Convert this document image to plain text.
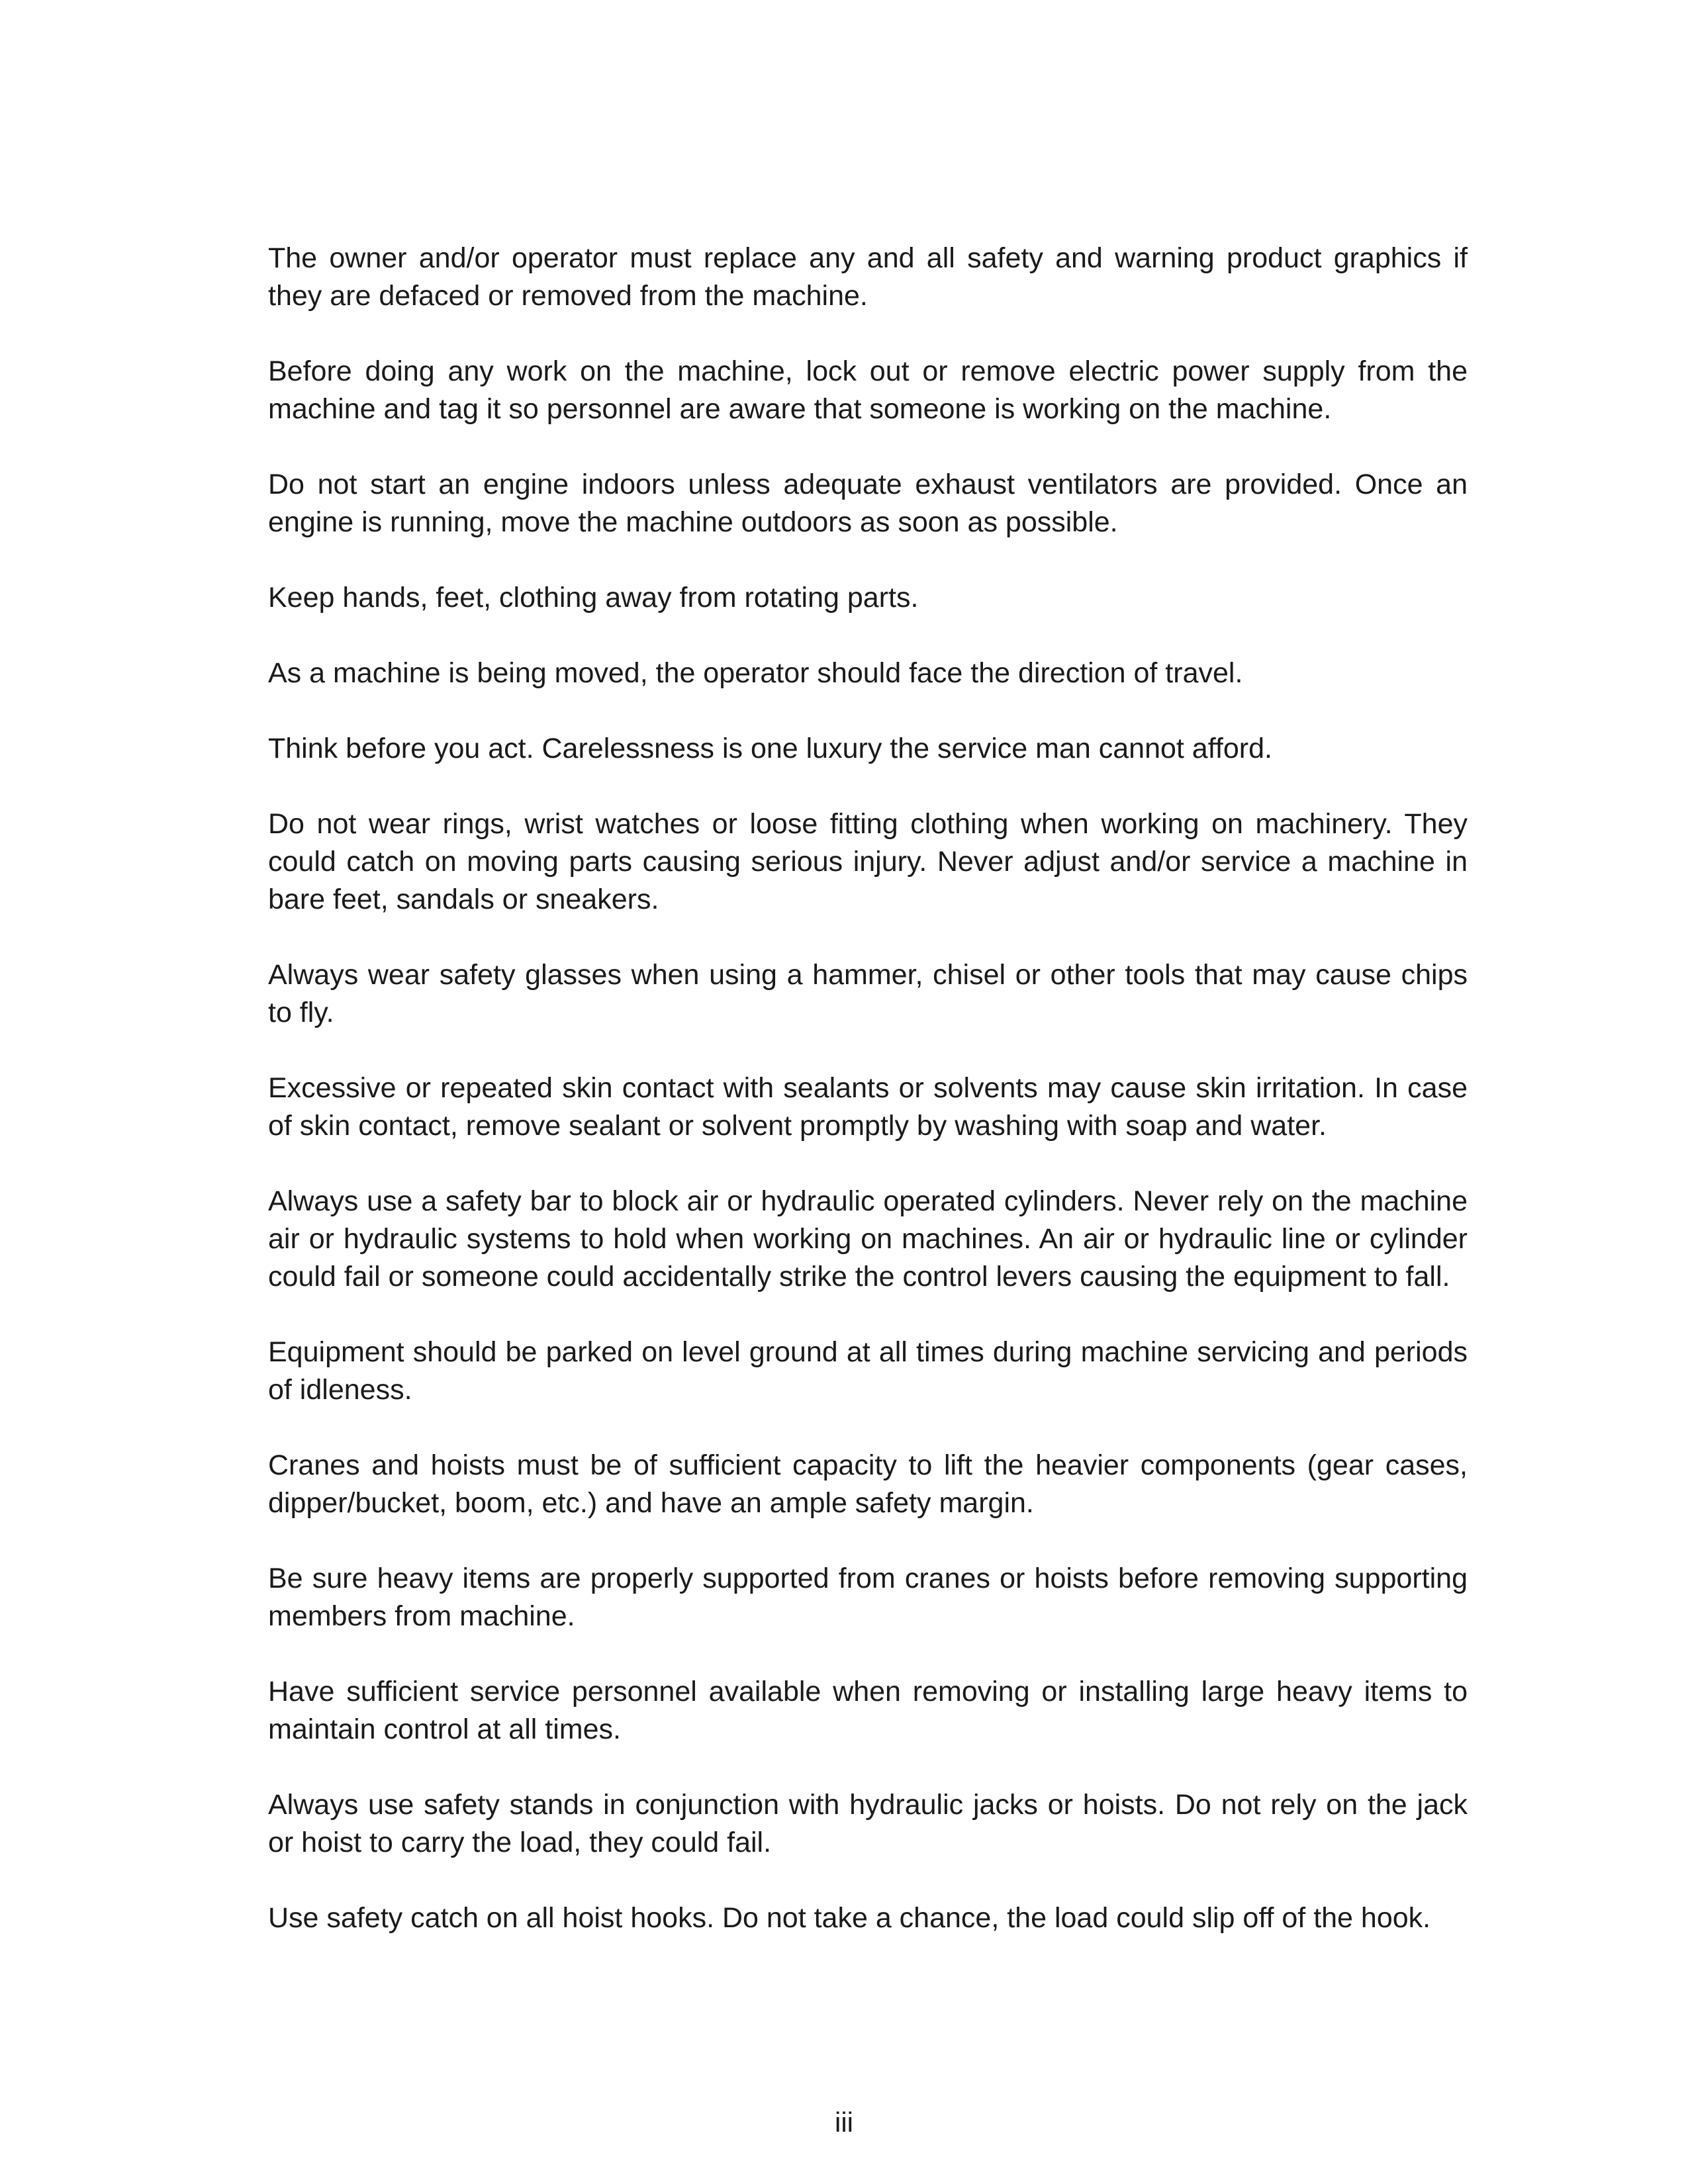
The owner and/or operator must replace any and all safety and warning product graphics if they are defaced or removed from the machine.

Before doing any work on the machine, lock out or remove electric power supply from the machine and tag it so personnel are aware that someone is working on the machine.

Do not start an engine indoors unless adequate exhaust ventilators are provided. Once an engine is running, move the machine outdoors as soon as possible.

Keep hands, feet, clothing away from rotating parts.

As a machine is being moved, the operator should face the direction of travel.

Think before you act. Carelessness is one luxury the service man cannot afford.

Do not wear rings, wrist watches or loose fitting clothing when working on machinery. They could catch on moving parts causing serious injury. Never adjust and/or service a machine in bare feet, sandals or sneakers.

Always wear safety glasses when using a hammer, chisel or other tools that may cause chips to fly.

Excessive or repeated skin contact with sealants or solvents may cause skin irritation. In case of skin contact, remove sealant or solvent promptly by washing with soap and water.

Always use a safety bar to block air or hydraulic operated cylinders. Never rely on the machine air or hydraulic systems to hold when working on machines. An air or hydraulic line or cylinder could fail or someone could accidentally strike the control levers causing the equipment to fall.

Equipment should be parked on level ground at all times during machine servicing and periods of idleness.

Cranes and hoists must be of sufficient capacity to lift the heavier components (gear cases, dipper/bucket, boom, etc.) and have an ample safety margin.

Be sure heavy items are properly supported from cranes or hoists before removing supporting members from machine.

Have sufficient service personnel available when removing or installing large heavy items to maintain control at all times.

Always use safety stands in conjunction with hydraulic jacks or hoists. Do not rely on the jack or hoist to carry the load, they could fail.

Use safety catch on all hoist hooks. Do not take a chance, the load could slip off of the hook.

iii
